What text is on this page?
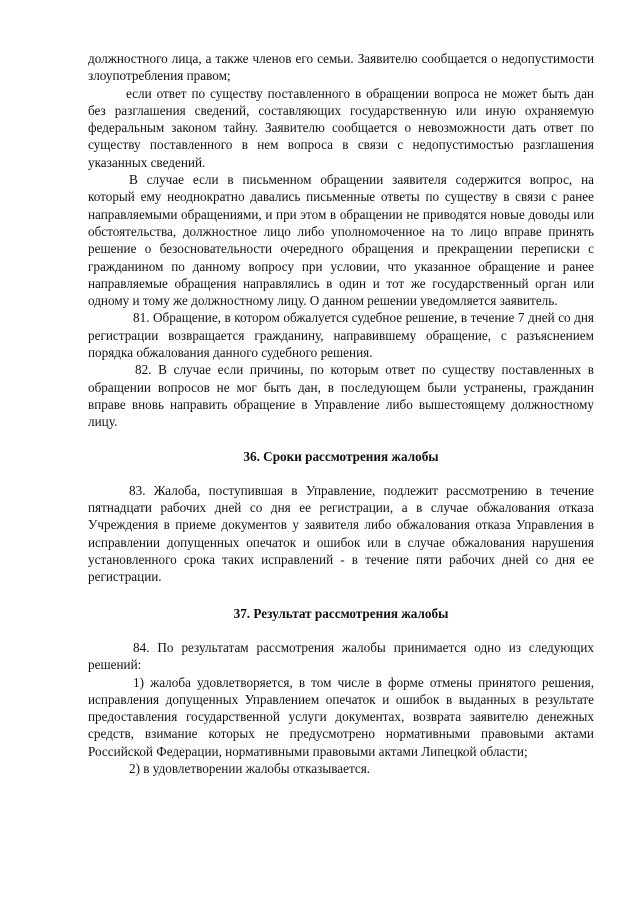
должностного лица, а также членов его семьи. Заявителю сообщается о недопустимости злоупотребления правом;

если ответ по существу поставленного в обращении вопроса не может быть дан без разглашения сведений, составляющих государственную или иную охраняемую федеральным законом тайну. Заявителю сообщается о невозможности дать ответ по существу поставленного в нем вопроса в связи с недопустимостью разглашения указанных сведений.

В случае если в письменном обращении заявителя содержится вопрос, на который ему неоднократно давались письменные ответы по существу в связи с ранее направляемыми обращениями, и при этом в обращении не приводятся новые доводы или обстоятельства, должностное лицо либо уполномоченное на то лицо вправе принять решение о безосновательности очередного обращения и прекращении переписки с гражданином по данному вопросу при условии, что указанное обращение и ранее направляемые обращения направлялись в один и тот же государственный орган или одному и тому же должностному лицу. О данном решении уведомляется заявитель.

81. Обращение, в котором обжалуется судебное решение, в течение 7 дней со дня регистрации возвращается гражданину, направившему обращение, с разъяснением порядка обжалования данного судебного решения.

82. В случае если причины, по которым ответ по существу поставленных в обращении вопросов не мог быть дан, в последующем были устранены, гражданин вправе вновь направить обращение в Управление либо вышестоящему должностному лицу.

36. Сроки рассмотрения жалобы

83. Жалоба, поступившая в Управление, подлежит рассмотрению в течение пятнадцати рабочих дней со дня ее регистрации, а в случае обжалования отказа Учреждения в приеме документов у заявителя либо обжалования отказа Управления в исправлении допущенных опечаток и ошибок или в случае обжалования нарушения установленного срока таких исправлений - в течение пяти рабочих дней со дня ее регистрации.

37. Результат рассмотрения жалобы

84. По результатам рассмотрения жалобы принимается одно из следующих решений:

1) жалоба удовлетворяется, в том числе в форме отмены принятого решения, исправления допущенных Управлением опечаток и ошибок в выданных в результате предоставления государственной услуги документах, возврата заявителю денежных средств, взимание которых не предусмотрено нормативными правовыми актами Российской Федерации, нормативными правовыми актами Липецкой области;

2) в удовлетворении жалобы отказывается.
